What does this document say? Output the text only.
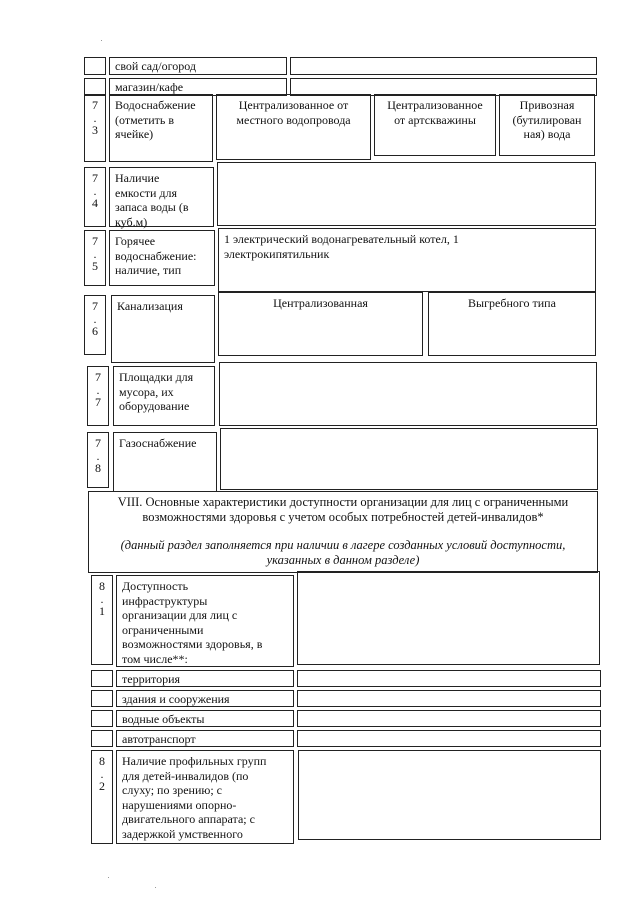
свой сад/огород
магазин/кафе
7
.
3
Водоснабжение
(отметить в
ячейке)
Централизованное от
местного водопровода
Централизованное
от артскважины
Привозная
(бутилирован
ная) вода
7
.
4
Наличие
емкости для
запаса воды (в
куб.м)
7
.
5
Горячее
водоснабжение:
наличие, тип
1 электрический водонагревательный котел, 1
электрокипятильник
7
.
6
Канализация	Централизованная	Выгребного типа
7
.
7
Площадки для
мусора, их
оборудование
7
.
8
Газоснабжение
VIII. Основные характеристики доступности организации для лиц с ограниченными
возможностями здоровья с учетом особых потребностей детей-инвалидов*
(данный раздел заполняется при наличии в лагере созданных условий доступности,
указанных в данном разделе)
8
.
1
Доступность
инфраструктуры
организации для лиц с
ограниченными
возможностями здоровья, в
том числе**:
территория
здания и сооружения
водные объекты
автотранспорт
8
.
2
Наличие профильных групп
для детей-инвалидов (по
слуху; по зрению; с
нарушениями опорно-
двигательного аппарата; с
задержкой умственного
